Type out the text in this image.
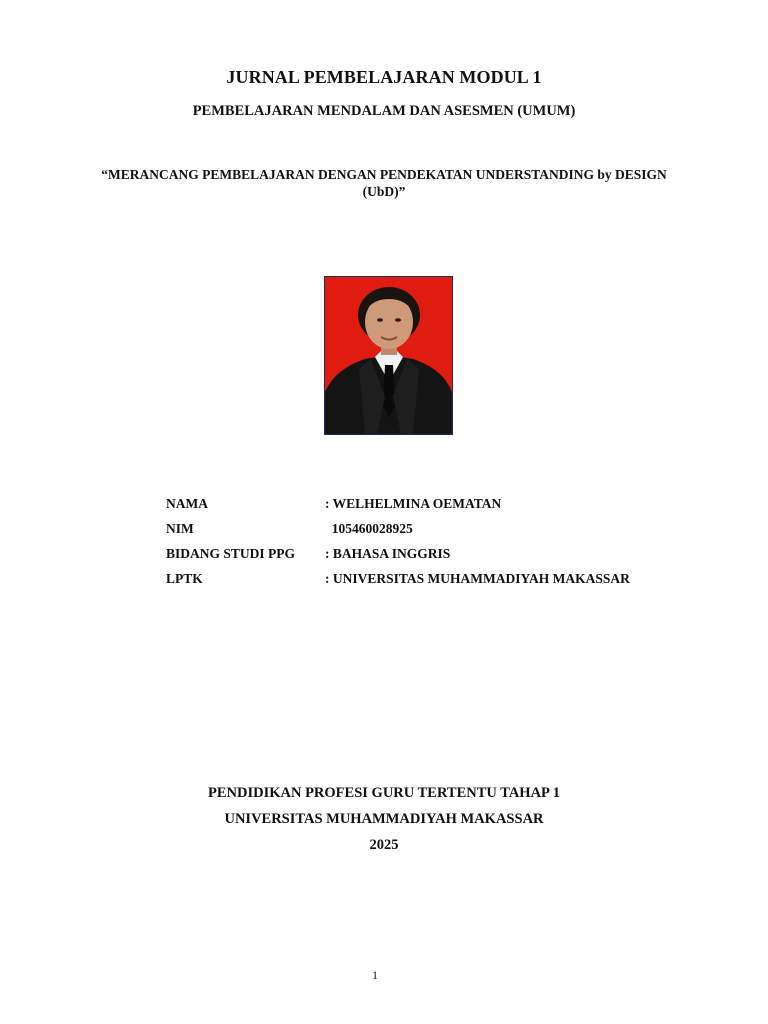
JURNAL PEMBELAJARAN MODUL 1
PEMBELAJARAN MENDALAM DAN ASESMEN (UMUM)
“MERANCANG PEMBELAJARAN DENGAN PENDEKATAN UNDERSTANDING by DESIGN (UbD)”
NAMA	: WELHELMINA OEMATAN
NIM	105460028925
BIDANG STUDI PPG : BAHASA INGGRIS
LPTK	: UNIVERSITAS MUHAMMADIYAH MAKASSAR
PENDIDIKAN PROFESI GURU TERTENTU TAHAP 1
UNIVERSITAS MUHAMMADIYAH MAKASSAR
2025
1
